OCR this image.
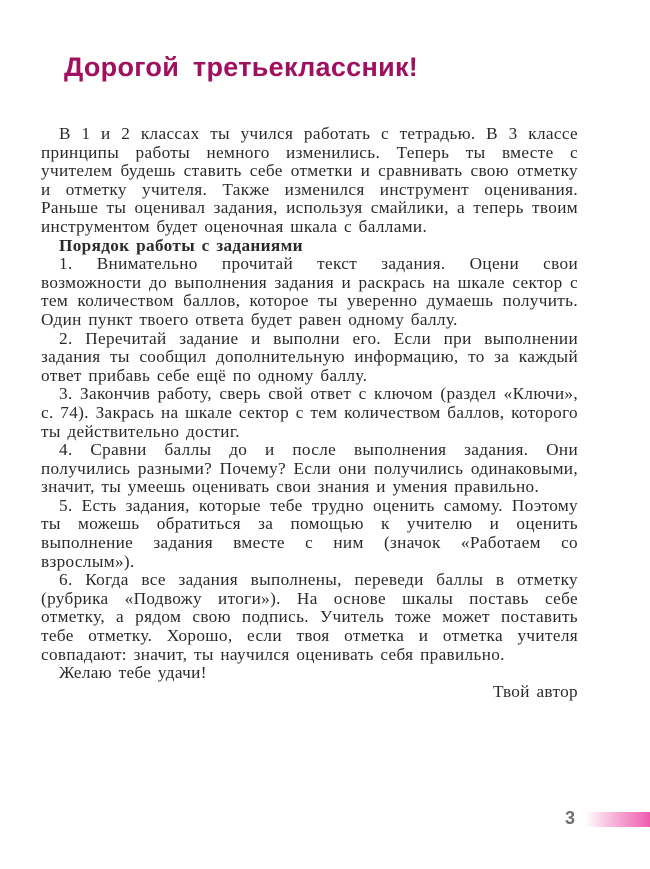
Дорогой третьеклассник!

В 1 и 2 классах ты учился работать с тетрадью. В 3 классе принципы работы немного изменились. Теперь ты вместе с учителем будешь ставить себе отметки и сравнивать свою отметку и отметку учителя. Также изменился инструмент оценивания. Раньше ты оценивал задания, используя смайлики, а теперь твоим инструментом будет оценочная шкала с баллами.

Порядок работы с заданиями

1. Внимательно прочитай текст задания. Оцени свои возможности до выполнения задания и раскрась на шкале сектор с тем количеством баллов, которое ты уверенно думаешь получить. Один пункт твоего ответа будет равен одному баллу.

2. Перечитай задание и выполни его. Если при выполнении задания ты сообщил дополнительную информацию, то за каждый ответ прибавь себе ещё по одному баллу.

3. Закончив работу, сверь свой ответ с ключом (раздел «Ключи», с. 74). Закрась на шкале сектор с тем количеством баллов, которого ты действительно достиг.

4. Сравни баллы до и после выполнения задания. Они получились разными? Почему? Если они получились одинаковыми, значит, ты умеешь оценивать свои знания и умения правильно.

5. Есть задания, которые тебе трудно оценить самому. Поэтому ты можешь обратиться за помощью к учителю и оценить выполнение задания вместе с ним (значок «Работаем со взрослым»).

6. Когда все задания выполнены, переведи баллы в отметку (рубрика «Подвожу итоги»). На основе шкалы поставь себе отметку, а рядом свою подпись. Учитель тоже может поставить тебе отметку. Хорошо, если твоя отметка и отметка учителя совпадают: значит, ты научился оценивать себя правильно.

Желаю тебе удачи!

Твой автор

3
